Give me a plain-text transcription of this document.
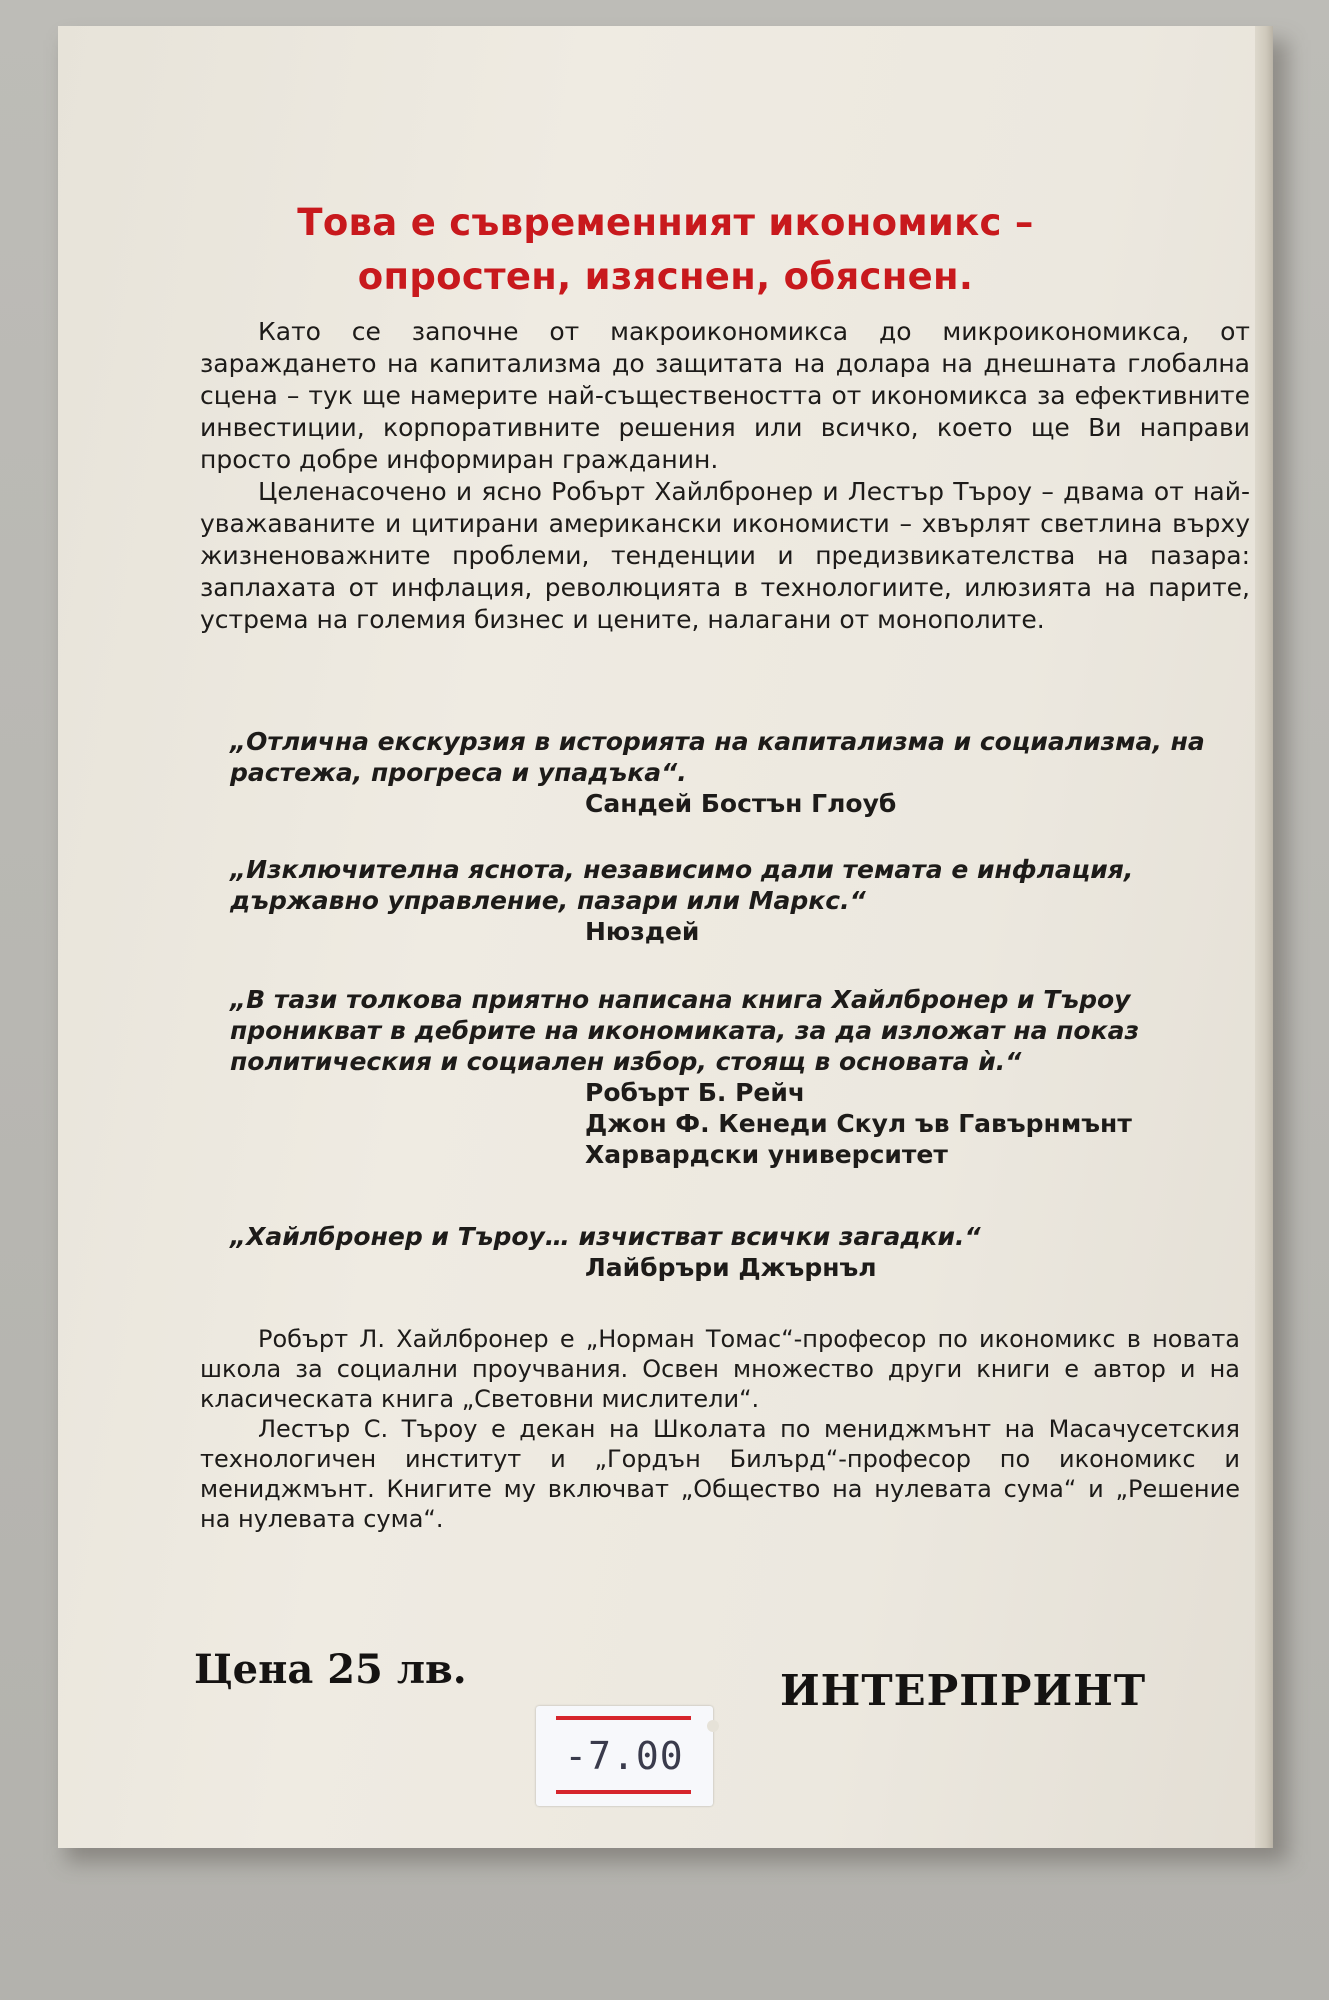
Това е съвременният икономикс –
опростен, изяснен, обяснен.

Като се започне от макроикономикса до микроикономикса, от зараждането на капитализма до защитата на долара на днешната глобална сцена – тук ще намерите най-съществеността от икономикса за ефективните инвестиции, корпоративните решения или всичко, което ще Ви направи просто добре информиран гражданин.

Целенасочено и ясно Робърт Хайлбронер и Лестър Търоу – двама от най-уважаваните и цитирани американски икономисти – хвърлят светлина върху жизненоважните проблеми, тенденции и предизвикателства на пазара: заплахата от инфлация, революцията в технологиите, илюзията на парите, устрема на големия бизнес и цените, налагани от монополите.

„Отлична екскурзия в историята на капитализма и социализма, на растежа, прогреса и упадъка“.

Сандей Бостън Глоуб

„Изключителна яснота, независимо дали темата е инфлация, държавно управление, пазари или Маркс.“

Нюздей

„В тази толкова приятно написана книга Хайлбронер и Търоу проникват в дебрите на икономиката, за да изложат на показ политическия и социален избор, стоящ в основата ѝ.“

Робърт Б. Рейч

Джон Ф. Кенеди Скул ъв Гавърнмънт

Харвардски университет

„Хайлбронер и Търоу… изчистват всички загадки.“

Лайбръри Джърнъл

Робърт Л. Хайлбронер е „Норман Томас“-професор по икономикс в новата школа за социални проучвания. Освен множество други книги е автор и на класическата книга „Световни мислители“.

Лестър С. Търоу е декан на Школата по мениджмънт на Масачусетския технологичен институт и „Гордън Билърд“-професор по икономикс и мениджмънт. Книгите му включват „Общество на нулевата сума“ и „Решение на нулевата сума“.

Цена 25 лв.	ИНТЕРПРИНТ
-7.00
